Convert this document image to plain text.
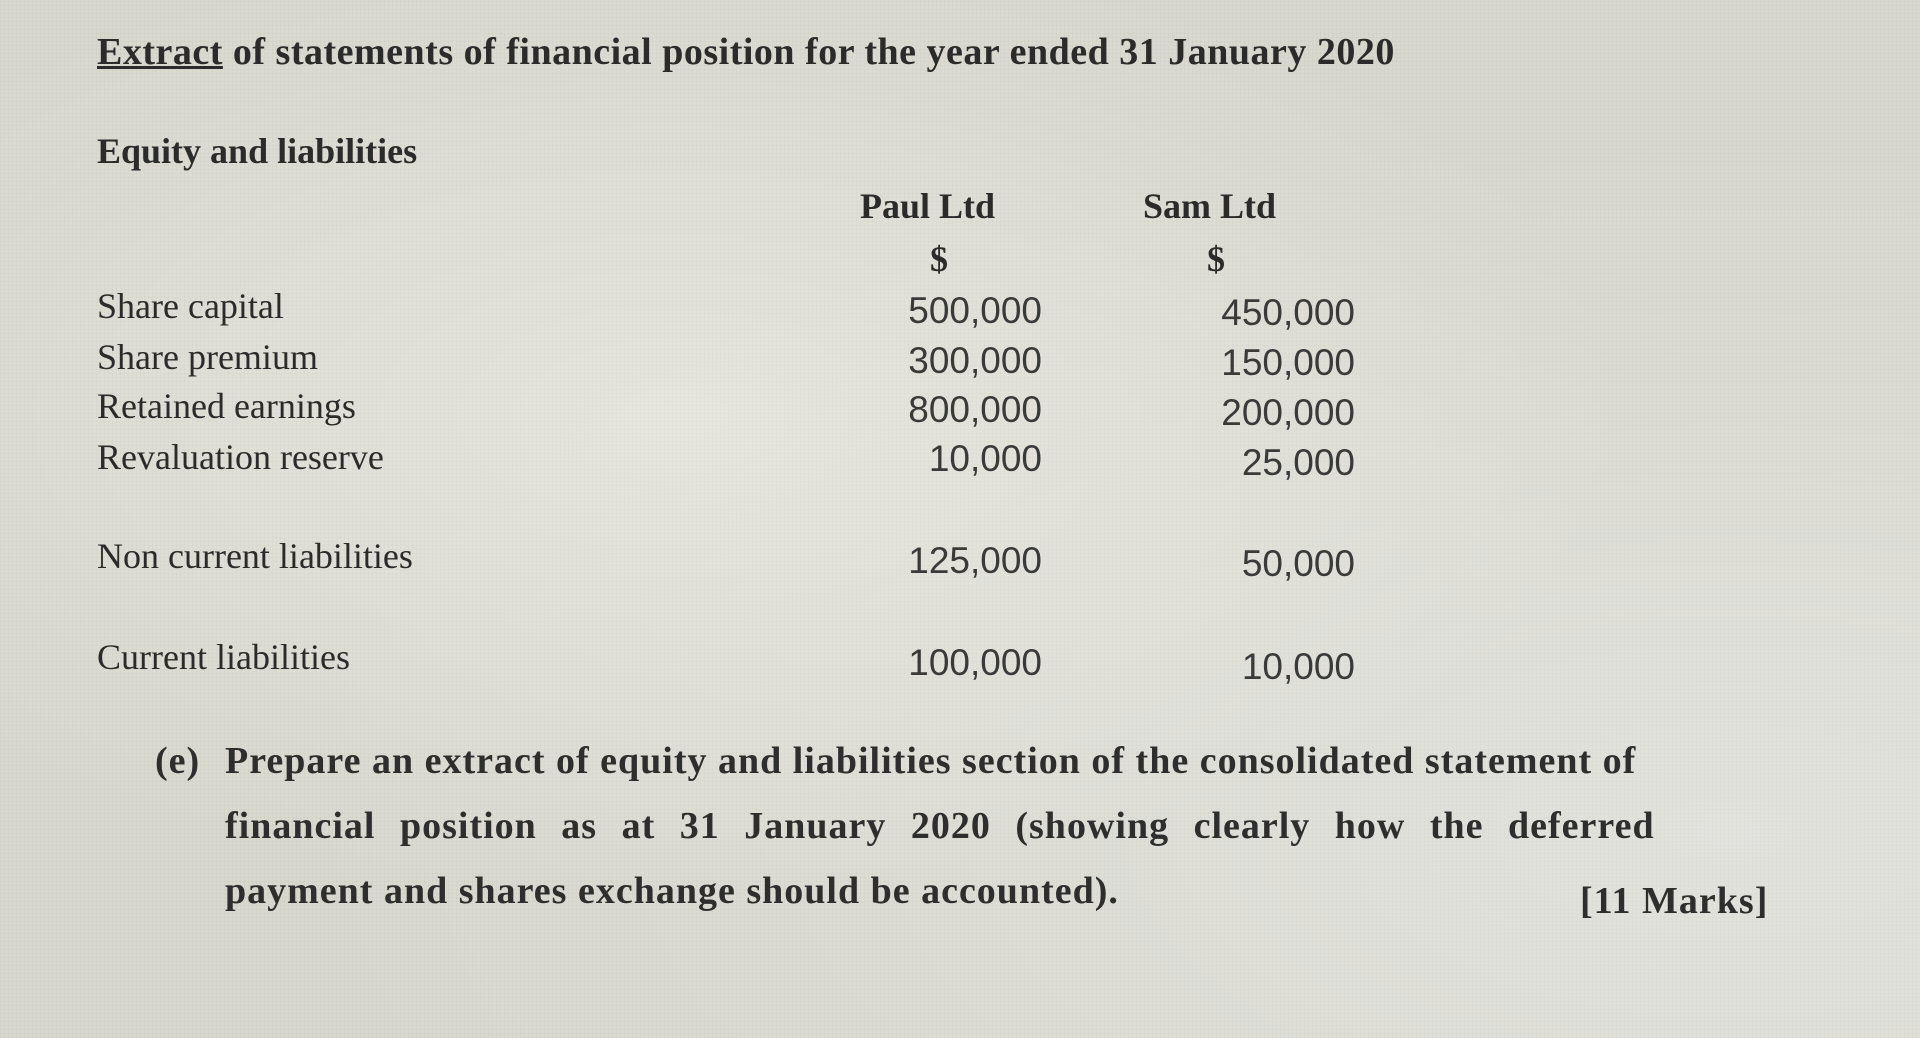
Extract of statements of financial position for the year ended 31 January 2020
Equity and liabilities
Paul Ltd	Sam Ltd
$	$
Share capital	500,000	450,000
Share premium	300,000	150,000
Retained earnings	800,000	200,000
Revaluation reserve	10,000	25,000
Non current liabilities	125,000	50,000
Current liabilities	100,000	10,000
(e) Prepare an extract of equity and liabilities section of the consolidated statement of
financial position as at 31 January 2020 (showing clearly how the deferred
payment and shares exchange should be accounted).	[11 Marks]
